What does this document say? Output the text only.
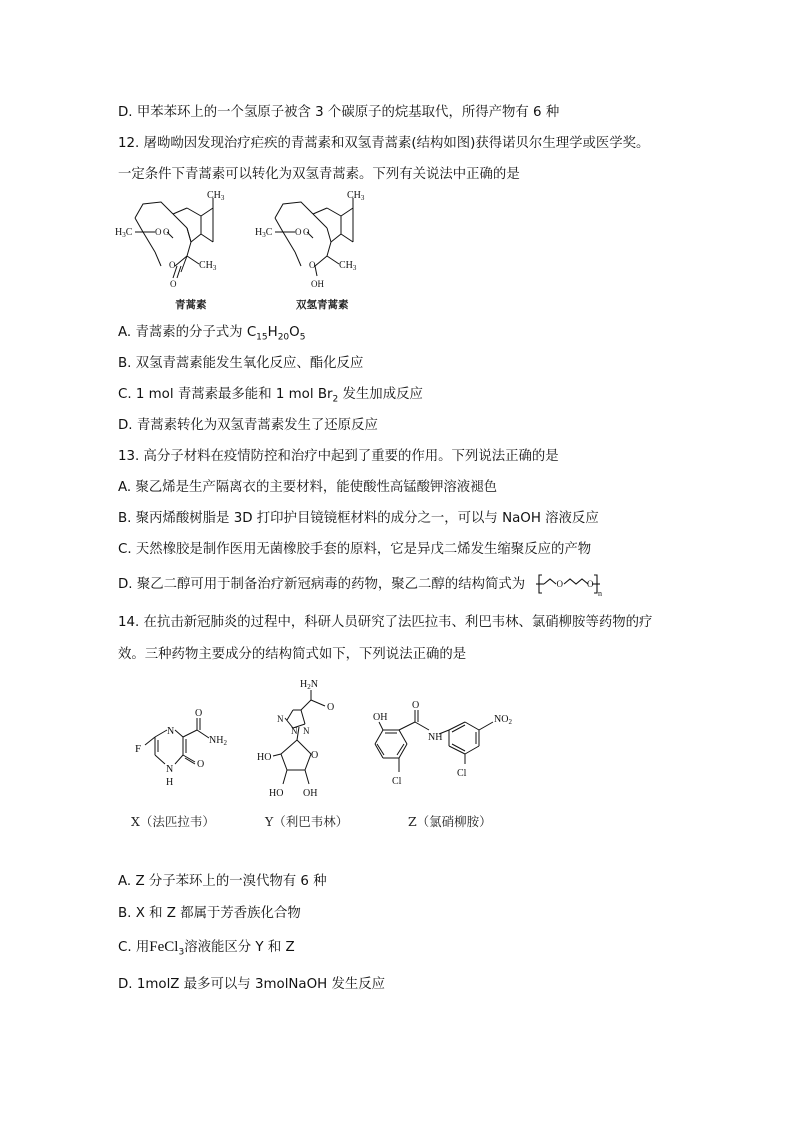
D. 甲苯苯环上的一个氢原子被含 3 个碳原子的烷基取代，所得产物有 6 种
12. 屠呦呦因发现治疗疟疾的青蒿素和双氢青蒿素(结构如图)获得诺贝尔生理学或医学奖。
一定条件下青蒿素可以转化为双氢青蒿素。下列有关说法中正确的是
$CH_3$
$H_3C$	O O
O $CH_3$
O
$CH_3$
$H_3C$	O O
O $CH_3$
OH
青蒿素	双氢青蒿素
A. 青蒿素的分子式为 $C_{15}H_{20}O_5$
B. 双氢青蒿素能发生氧化反应、酯化反应
C. 1 mol 青蒿素最多能和 1 mol $Br_2$ 发生加成反应
D. 青蒿素转化为双氢青蒿素发生了还原反应
13. 高分子材料在疫情防控和治疗中起到了重要的作用。下列说法正确的是
A. 聚乙烯是生产隔离衣的主要材料，能使酸性高锰酸钾溶液褪色
B. 聚丙烯酸树脂是 3D 打印护目镜镜框材料的成分之一，可以与 NaOH 溶液反应
C. 天然橡胶是制作医用无菌橡胶手套的原料，它是异戊二烯发生缩聚反应的产物
D. 聚乙二醇可用于制备治疗新冠病毒的药物，聚乙二醇的结构简式为	O	O
n
14. 在抗击新冠肺炎的过程中，科研人员研究了法匹拉韦、利巴韦林、氯硝柳胺等药物的疗
效。三种药物主要成分的结构简式如下，下列说法正确的是
F
N
O
$NH_2$
O
N
H
$H_2N$
O
N
N N
O
HO
HO OH
OH
O
NH
$NO_2$
Cl
Cl
X（法匹拉韦）	Y（利巴韦林）	Z（氯硝柳胺）
A. Z 分子苯环上的一溴代物有 6 种
B. X 和 Z 都属于芳香族化合物
C. 用FeCl$_3$溶液能区分 Y 和 Z
D. 1molZ 最多可以与 3molNaOH 发生反应
